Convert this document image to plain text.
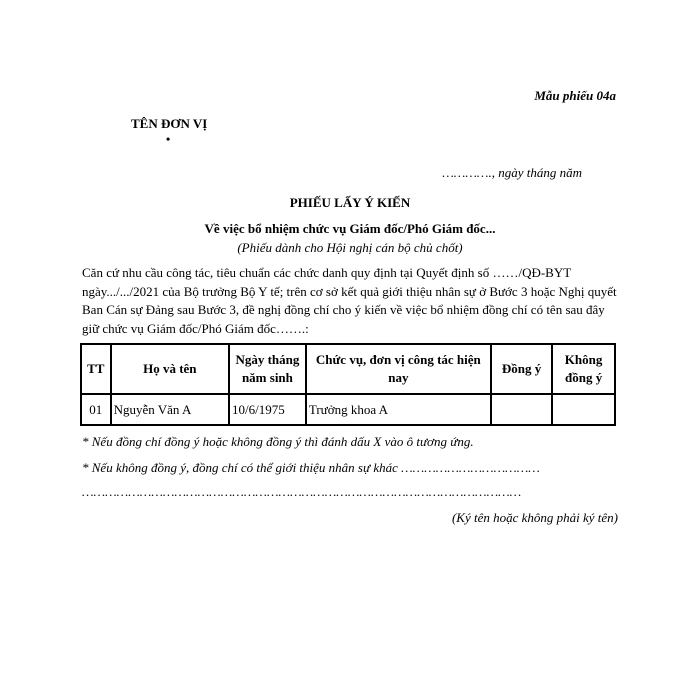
Mẫu phiếu 04a
TÊN ĐƠN VỊ
•
…………., ngày tháng năm
PHIẾU LẤY Ý KIẾN
Về việc bổ nhiệm chức vụ Giám đốc/Phó Giám đốc...
(Phiếu dành cho Hội nghị cán bộ chủ chốt)
Căn cứ nhu cầu công tác, tiêu chuẩn các chức danh quy định tại Quyết định số ……/QĐ-BYT ngày.../.../2021 của Bộ trưởng Bộ Y tế; trên cơ sở kết quả giới thiệu nhân sự ở Bước 3 hoặc Nghị quyết Ban Cán sự Đảng sau Bước 3, đề nghị đồng chí cho ý kiến về việc bổ nhiệm đồng chí có tên sau đây giữ chức vụ Giám đốc/Phó Giám đốc…….:
TT	Họ và tên	Ngày tháng năm sinh	Chức vụ, đơn vị công tác hiện nay	Đồng ý	Không đồng ý
01	Nguyễn Văn A	10/6/1975	Trưởng khoa A		
* Nếu đồng chí đồng ý hoặc không đồng ý thì đánh dấu X vào ô tương ứng.
* Nếu không đồng ý, đồng chí có thể giới thiệu nhân sự khác ………………………………
……………………………………………………………………………………………………
(Ký tên hoặc không phải ký tên)
